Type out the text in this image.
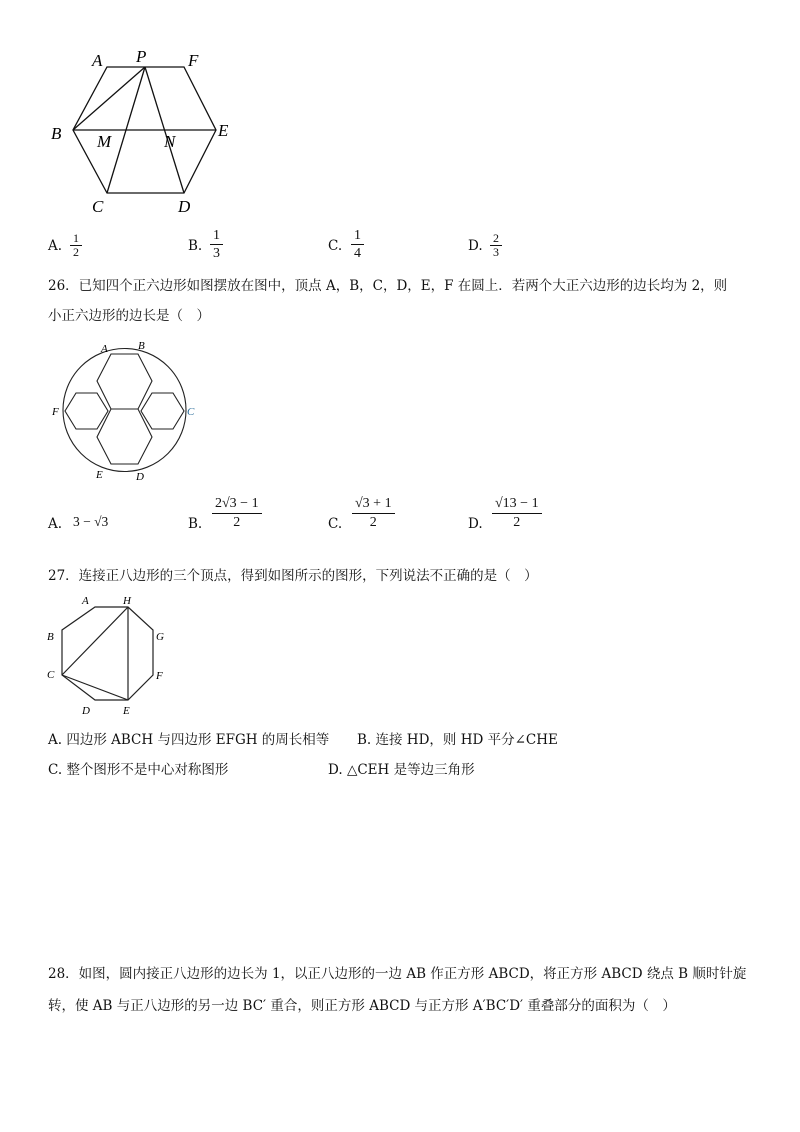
A P F
B M	N
E
C	D
A. 1
2	B.
1
3	C.
1
4	D. 2
3
26．已知四个正六边形如图摆放在图中，顶点 A，B，C，D，E，F 在圆上．若两个大正六边形的边长均为 2，则
小正六边形的边长是（　）
A	B
F	C
E	D
A. 3 − √3	B.
2√3 − 1
2	C.
√3 + 1
2	D.
√13 − 1
2
27．连接正八边形的三个顶点，得到如图所示的图形，下列说法不正确的是（　）
A	H
B	G
C	F
D	E
A. 四边形 ABCH 与四边形 EFGH 的周长相等 B. 连接 HD，则 HD 平分∠CHE
C. 整个图形不是中心对称图形	D. △CEH 是等边三角形
28．如图，圆内接正八边形的边长为 1，以正八边形的一边 AB 作正方形 ABCD，将正方形 ABCD 绕点 B 顺时针旋
转，使 AB 与正八边形的另一边 BC′ 重合，则正方形 ABCD 与正方形 A′BC′D′ 重叠部分的面积为（　）
